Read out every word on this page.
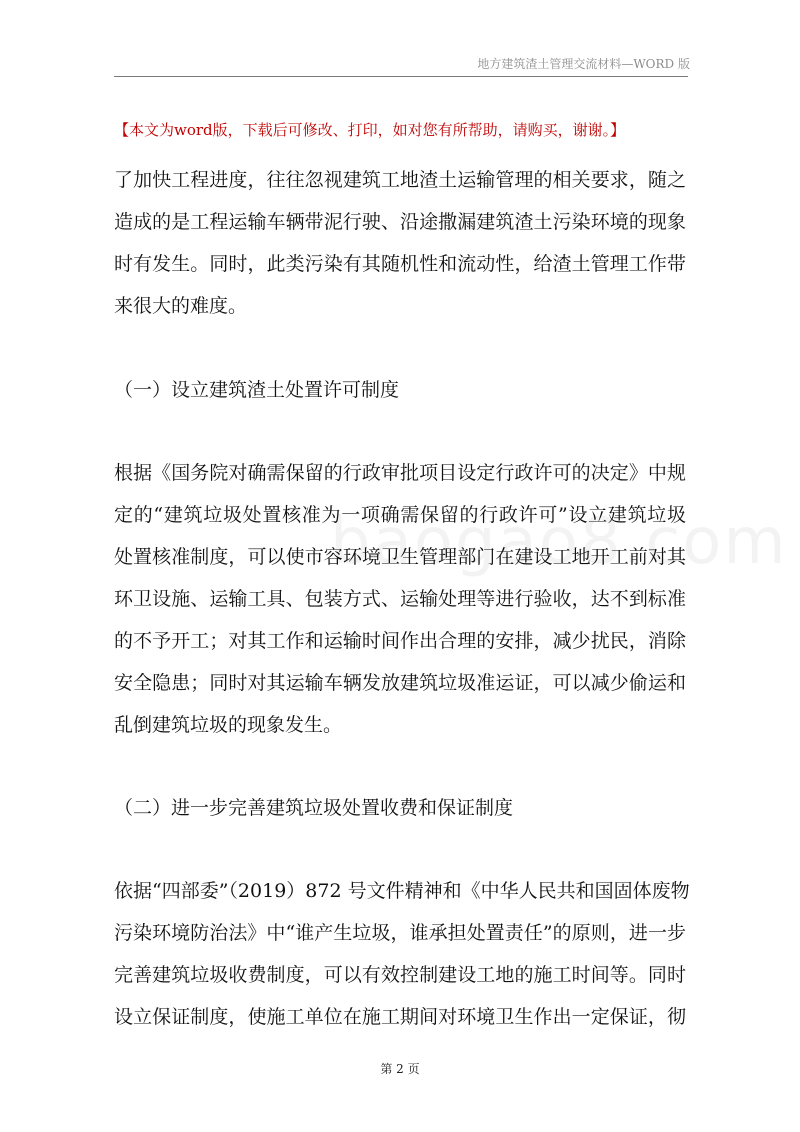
地方建筑渣土管理交流材料—WORD 版
【本文为word版，下载后可修改、打印，如对您有所帮助，请购买，谢谢。】

了加快工程进度，往往忽视建筑工地渣土运输管理的相关要求，随之
造成的是工程运输车辆带泥行驶、沿途撒漏建筑渣土污染环境的现象
时有发生。同时，此类污染有其随机性和流动性，给渣土管理工作带
来很大的难度。

（一）设立建筑渣土处置许可制度

根据《国务院对确需保留的行政审批项目设定行政许可的决定》中规
定的“建筑垃圾处置核准为一项确需保留的行政许可”设立建筑垃圾
处置核准制度，可以使市容环境卫生管理部门在建设工地开工前对其
环卫设施、运输工具、包装方式、运输处理等进行验收，达不到标准
的不予开工；对其工作和运输时间作出合理的安排，减少扰民，消除
安全隐患；同时对其运输车辆发放建筑垃圾准运证，可以减少偷运和
乱倒建筑垃圾的现象发生。

（二）进一步完善建筑垃圾处置收费和保证制度

依据“四部委”（2019）872 号文件精神和《中华人民共和国固体废物
污染环境防治法》中“谁产生垃圾，谁承担处置责任”的原则，进一步
完善建筑垃圾收费制度，可以有效控制建设工地的施工时间等。同时
设立保证制度，使施工单位在施工期间对环境卫生作出一定保证，彻

第 2 页
